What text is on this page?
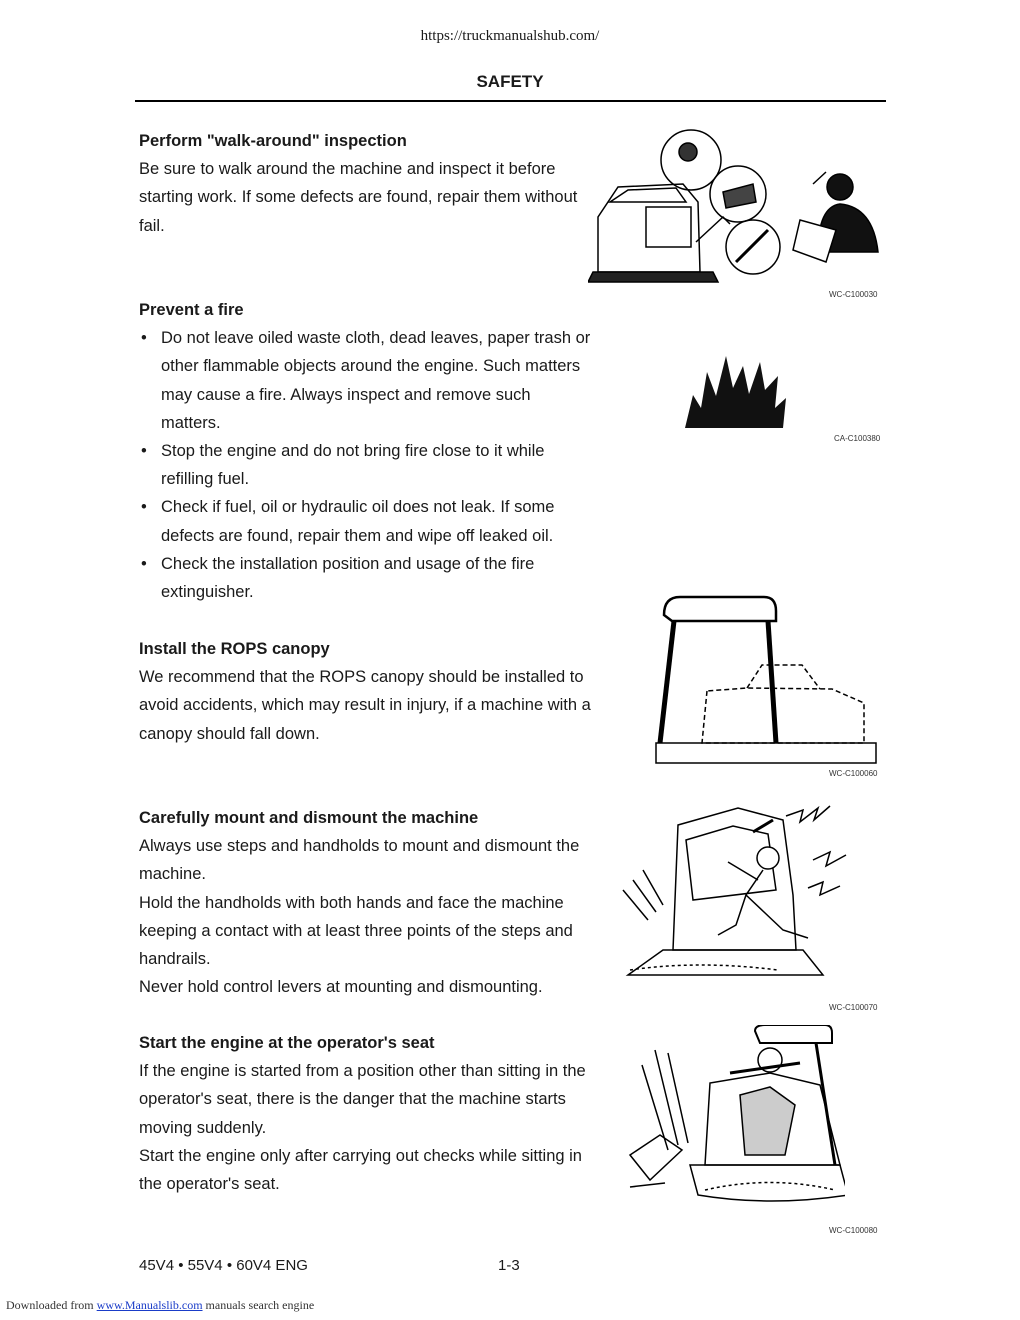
https://truckmanualshub.com/
SAFETY
Perform "walk-around" inspection

Be sure to walk around the machine and inspect it before starting work. If some defects are found, repair them without fail.

Prevent a fire
• Do not leave oiled waste cloth, dead leaves, paper trash or other flammable objects around the engine. Such matters may cause a fire. Always inspect and remove such matters.
• Stop the engine and do not bring fire close to it while refilling fuel.
• Check if fuel, oil or hydraulic oil does not leak. If some defects are found, repair them and wipe off leaked oil.
• Check the installation position and usage of the fire extinguisher.
Install the ROPS canopy

We recommend that the ROPS canopy should be installed to avoid accidents, which may result in injury, if a machine with a canopy should fall down.

Carefully mount and dismount the machine

Always use steps and handholds to mount and dismount the machine.

Hold the handholds with both hands and face the machine keeping a contact with at least three points of the steps and handrails.

Never hold control levers at mounting and dismounting.

Start the engine at the operator's seat

If the engine is started from a position other than sitting in the operator's seat, there is the danger that the machine starts moving suddenly.

Start the engine only after carrying out checks while sitting in the operator's seat.

WC-C100030
CA-C100380
WC-C100060
WC-C100070
WC-C100080
45V4 • 55V4 • 60V4 ENG	1-3
Downloaded from www.Manualslib.com manuals search engine
